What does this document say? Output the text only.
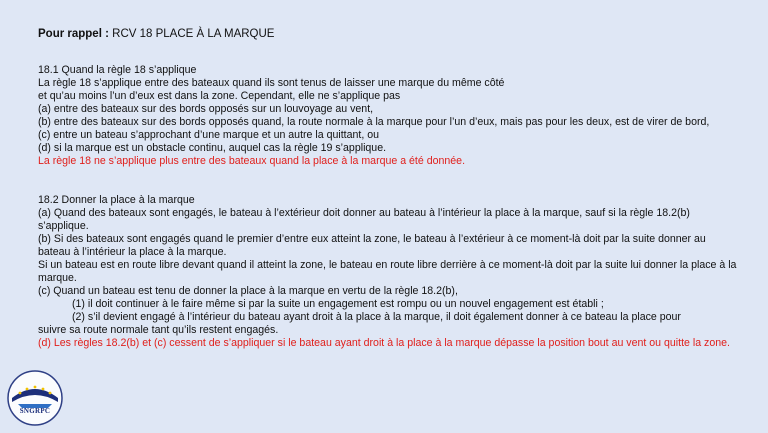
Pour rappel : RCV 18 PLACE À LA MARQUE

18.1 Quand la règle 18 s’applique

La règle 18 s’applique entre des bateaux quand ils sont tenus de laisser une marque du même côté

et qu’au moins l’un d’eux est dans la zone. Cependant, elle ne s’applique pas

(a) entre des bateaux sur des bords opposés sur un louvoyage au vent,

(b) entre des bateaux sur des bords opposés quand, la route normale à la marque pour l’un d’eux, mais pas pour les deux, est de virer de bord,

(c) entre un bateau s’approchant d’une marque et un autre la quittant, ou

(d) si la marque est un obstacle continu, auquel cas la règle 19 s’applique.

La règle 18 ne s’applique plus entre des bateaux quand la place à la marque a été donnée.

18.2 Donner la place à la marque

(a) Quand des bateaux sont engagés, le bateau à l’extérieur doit donner au bateau à l’intérieur la place à la marque, sauf si la règle 18.2(b) s’applique.

(b) Si des bateaux sont engagés quand le premier d’entre eux atteint la zone, le bateau à l’extérieur à ce moment-là doit par la suite donner au bateau à l’intérieur la place à la marque.

Si un bateau est en route libre devant quand il atteint la zone, le bateau en route libre derrière à ce moment-là doit par la suite lui donner la place à la marque.

(c) Quand un bateau est tenu de donner la place à la marque en vertu de la règle 18.2(b),

(1) il doit continuer à le faire même si par la suite un engagement est rompu ou un nouvel engagement est établi ;

(2) s’il devient engagé à l’intérieur du bateau ayant droit à la place à la marque, il doit également donner à ce bateau la place pour

suivre sa route normale tant qu’ils restent engagés.

(d) Les règles 18.2(b) et (c) cessent de s’appliquer si le bateau ayant droit à la place à la marque dépasse la position bout au vent ou quitte la zone.

SNGRPC
